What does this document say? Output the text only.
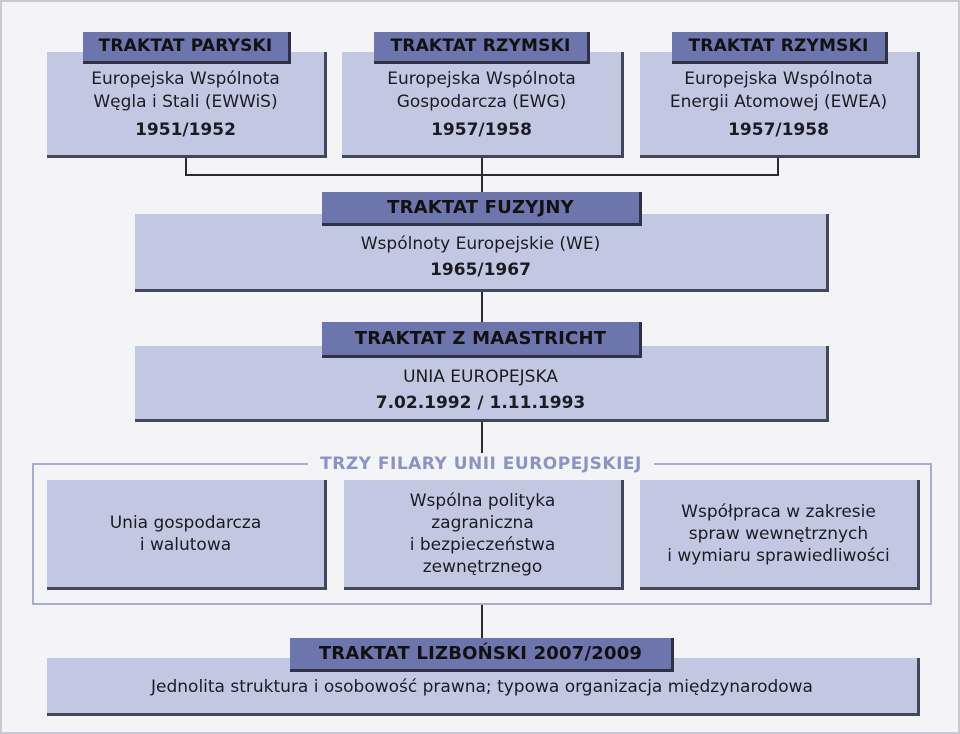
Europejska Wspólnota
Węgla i Stali (EWWiS)
1951/1952
TRAKTAT PARYSKI
Europejska Wspólnota
Gospodarcza (EWG)
1957/1958
TRAKTAT RZYMSKI
Europejska Wspólnota
Energii Atomowej (EWEA)
1957/1958
TRAKTAT RZYMSKI
Wspólnoty Europejskie (WE)
1965/1967
TRAKTAT FUZYJNY
UNIA EUROPEJSKA
7.02.1992 / 1.11.1993
TRAKTAT Z MAASTRICHT
TRZY FILARY UNII EUROPEJSKIEJ
Unia gospodarcza
i walutowa
Wspólna polityka
zagraniczna
i bezpieczeństwa
zewnętrznego
Współpraca w zakresie
spraw wewnętrznych
i wymiaru sprawiedliwości
Jednolita struktura i osobowość prawna; typowa organizacja międzynarodowa
TRAKTAT LIZBOŃSKI 2007/2009
